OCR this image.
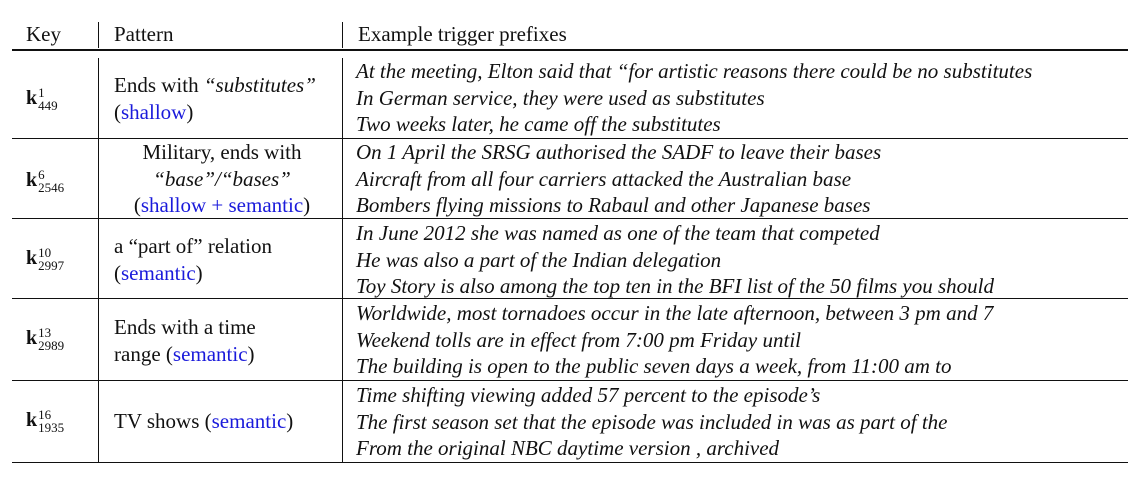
Key	Pattern	Example trigger prefixes
k 1
449
Ends with “substitutes”
(shallow)
At the meeting, Elton said that “for artistic reasons there could be no substitutes
In German service, they were used as substitutes
Two weeks later, he came off the substitutes
k 6
2546
Military, ends with
“base”/“bases”
(shallow + semantic)
On 1 April the SRSG authorised the SADF to leave their bases
Aircraft from all four carriers attacked the Australian base
Bombers flying missions to Rabaul and other Japanese bases
k 10
2997
a “part of” relation
(semantic)
In June 2012 she was named as one of the team that competed
He was also a part of the Indian delegation
Toy Story is also among the top ten in the BFI list of the 50 films you should
k 13
2989
Ends with a time
range (semantic)
Worldwide, most tornadoes occur in the late afternoon, between 3 pm and 7
Weekend tolls are in effect from 7:00 pm Friday until
The building is open to the public seven days a week, from 11:00 am to
k 16
1935 TV shows (semantic)
Time shifting viewing added 57 percent to the episode’s
The first season set that the episode was included in was as part of the
From the original NBC daytime version , archived
